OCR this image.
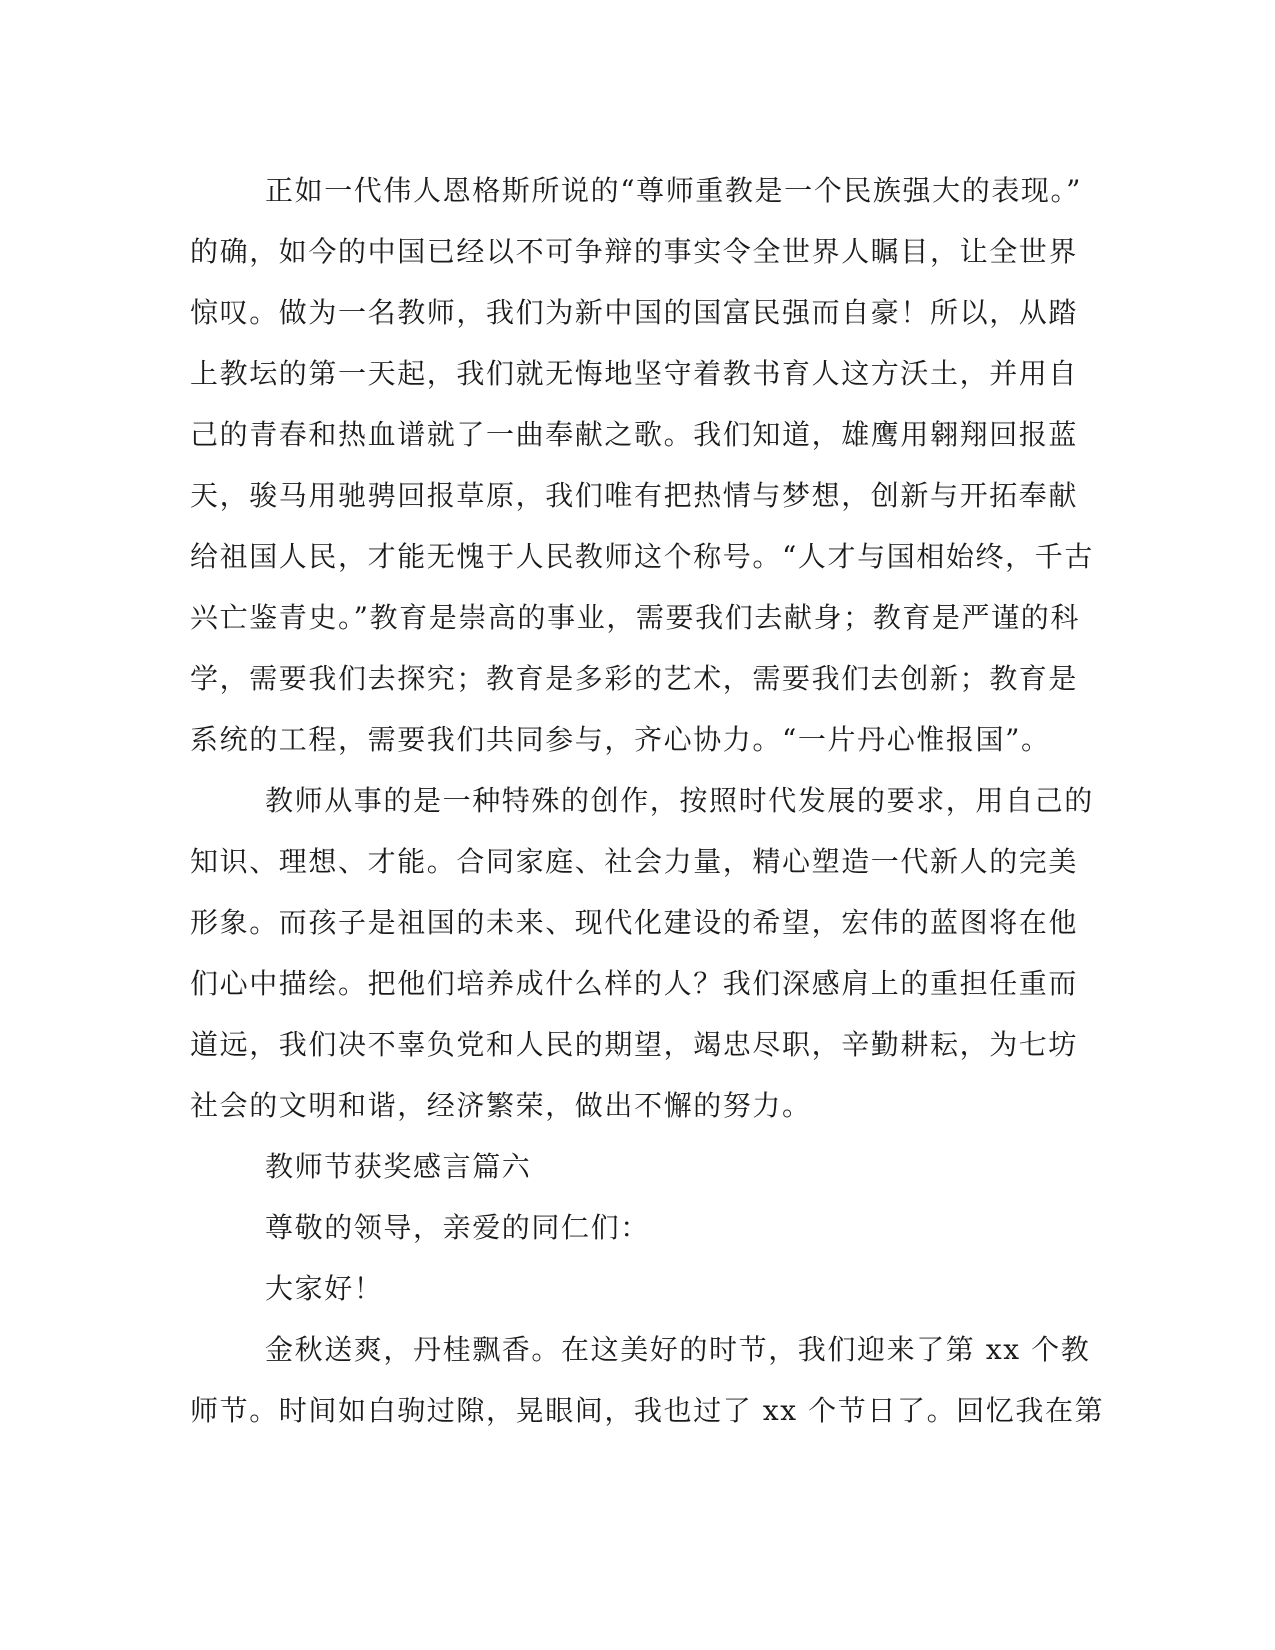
正如一代伟人恩格斯所说的“尊师重教是一个民族强大的表现。”
的确，如今的中国已经以不可争辩的事实令全世界人瞩目，让全世界
惊叹。做为一名教师，我们为新中国的国富民强而自豪！所以，从踏
上教坛的第一天起，我们就无悔地坚守着教书育人这方沃土，并用自
己的青春和热血谱就了一曲奉献之歌。我们知道，雄鹰用翱翔回报蓝
天，骏马用驰骋回报草原，我们唯有把热情与梦想，创新与开拓奉献
给祖国人民，才能无愧于人民教师这个称号。“人才与国相始终，千古
兴亡鉴青史。”教育是崇高的事业，需要我们去献身；教育是严谨的科
学，需要我们去探究；教育是多彩的艺术，需要我们去创新；教育是
系统的工程，需要我们共同参与，齐心协力。“一片丹心惟报国”。
教师从事的是一种特殊的创作，按照时代发展的要求，用自己的
知识、理想、才能。合同家庭、社会力量，精心塑造一代新人的完美
形象。而孩子是祖国的未来、现代化建设的希望，宏伟的蓝图将在他
们心中描绘。把他们培养成什么样的人？我们深感肩上的重担任重而
道远，我们决不辜负党和人民的期望，竭忠尽职，辛勤耕耘，为七坊
社会的文明和谐，经济繁荣，做出不懈的努力。
教师节获奖感言篇六
尊敬的领导，亲爱的同仁们：
大家好！
金秋送爽，丹桂飘香。在这美好的时节，我们迎来了第 xx 个教
师节。时间如白驹过隙，晃眼间，我也过了 xx 个节日了。回忆我在第
